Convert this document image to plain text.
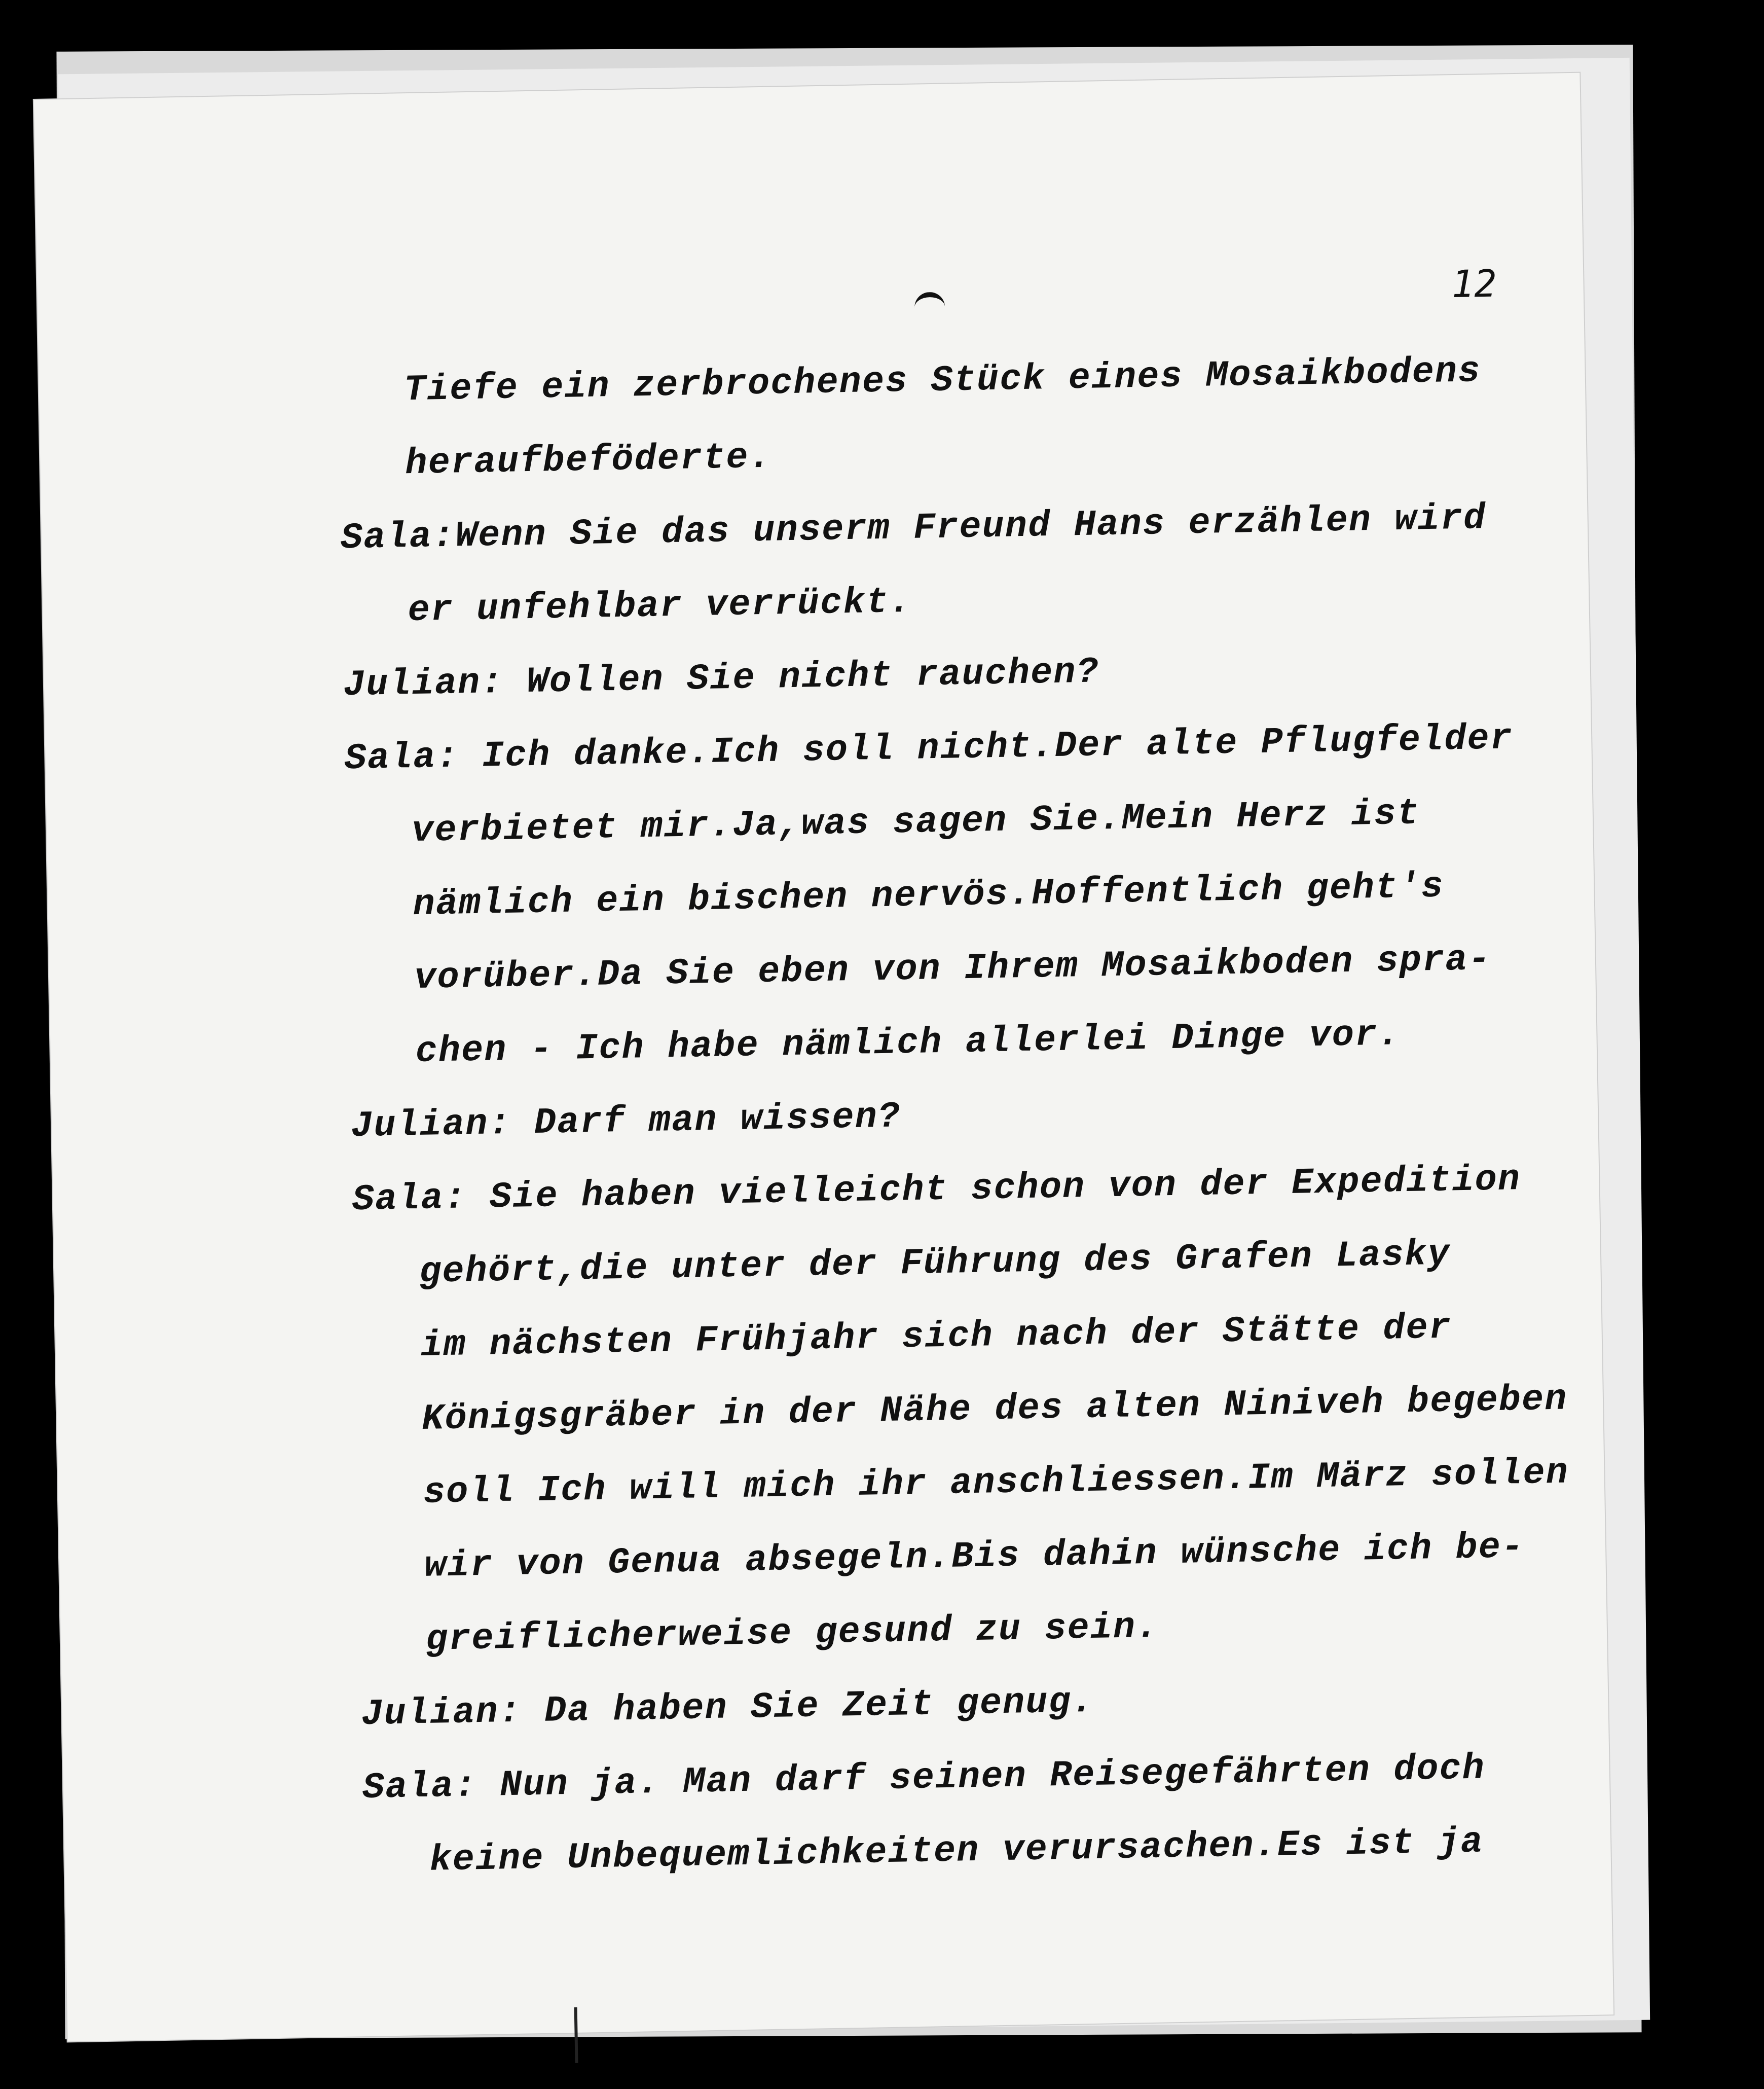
12
Tiefe ein zerbrochenes Stück eines Mosaikbodens
heraufbeföderte.
Sala:Wenn Sie das unserm Freund Hans erzählen wird
er unfehlbar verrückt.
Julian: Wollen Sie nicht rauchen?
Sala: Ich danke.Ich soll nicht.Der alte Pflugfelder
verbietet mir.Ja,was sagen Sie.Mein Herz ist
nämlich ein bischen nervös.Hoffentlich geht's
vorüber.Da Sie eben von Ihrem Mosaikboden spra-
chen - Ich habe nämlich allerlei Dinge vor.
Julian: Darf man wissen?
Sala: Sie haben vielleicht schon von der Expedition
gehört,die unter der Führung des Grafen Lasky
im nächsten Frühjahr sich nach der Stätte der
Königsgräber in der Nähe des alten Niniveh begeben
soll Ich will mich ihr anschliessen.Im März sollen
wir von Genua absegeln.Bis dahin wünsche ich be-
greiflicherweise gesund zu sein.
Julian: Da haben Sie Zeit genug.
Sala: Nun ja. Man darf seinen Reisegefährten doch
keine Unbequemlichkeiten verursachen.Es ist ja
